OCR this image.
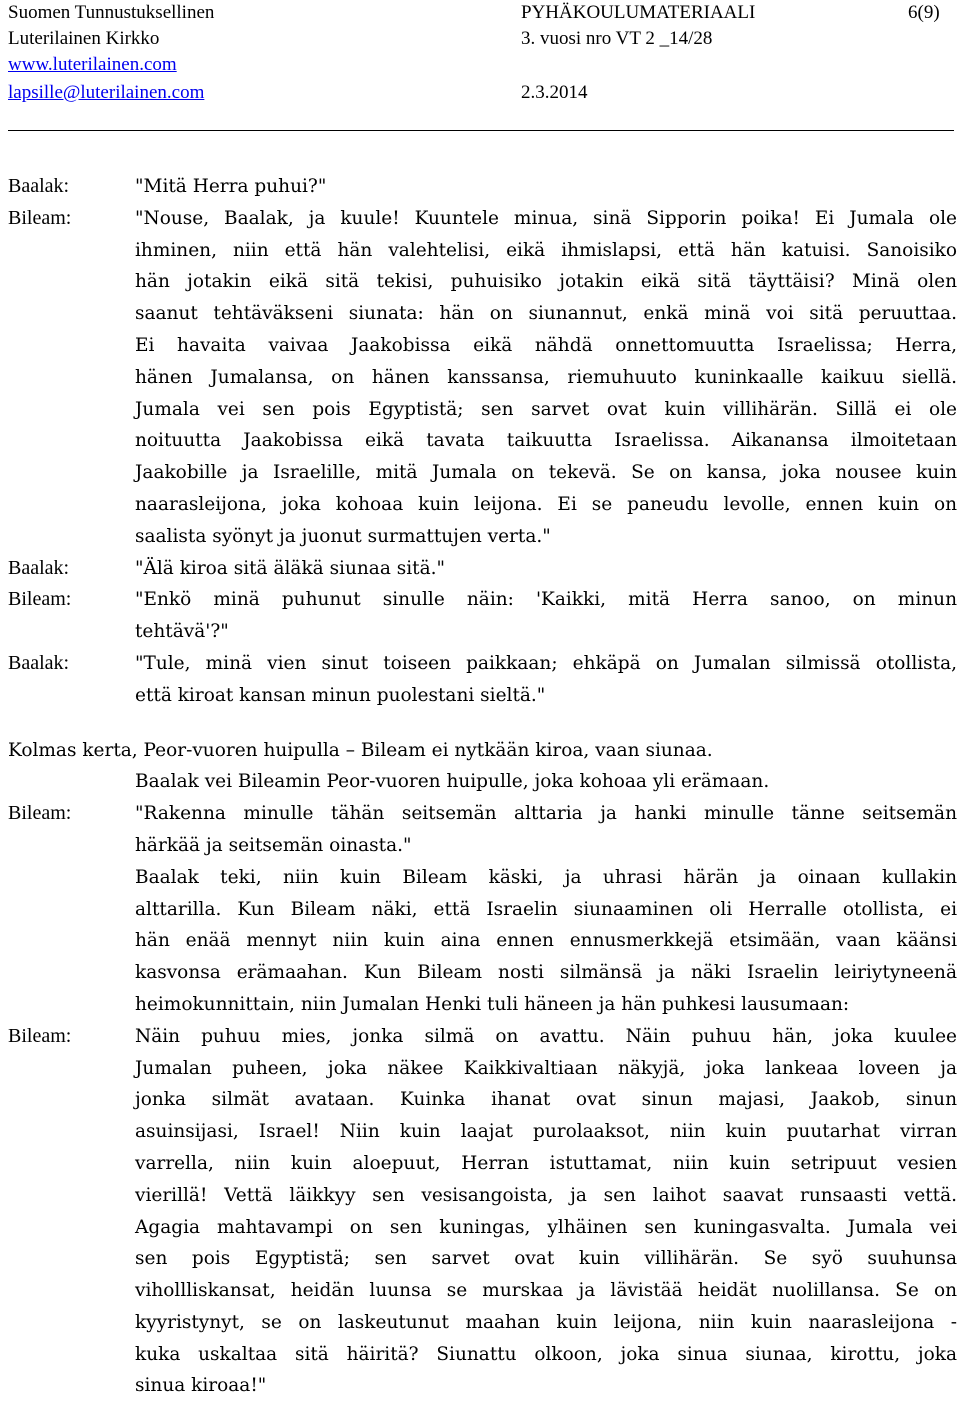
Suomen Tunnustuksellinen	PYHÄKOULUMATERIAALI	6(9)
Luterilainen Kirkko	3. vuosi nro VT 2 _14/28
www.luterilainen.com
lapsille@luterilainen.com	2.3.2014
Baalak:	"Mitä Herra puhui?"
Bileam:	"Nouse, Baalak, ja kuule! Kuuntele minua, sinä Sipporin poika! Ei Jumala ole
ihminen, niin että hän valehtelisi, eikä ihmislapsi, että hän katuisi. Sanoisiko
hän jotakin eikä sitä tekisi, puhuisiko jotakin eikä sitä täyttäisi? Minä olen
saanut tehtäväkseni siunata: hän on siunannut, enkä minä voi sitä peruuttaa.
Ei havaita vaivaa Jaakobissa eikä nähdä onnettomuutta Israelissa; Herra,
hänen Jumalansa, on hänen kanssansa, riemuhuuto kuninkaalle kaikuu siellä.
Jumala vei sen pois Egyptistä; sen sarvet ovat kuin villihärän. Sillä ei ole
noituutta Jaakobissa eikä tavata taikuutta Israelissa. Aikanansa ilmoitetaan
Jaakobille ja Israelille, mitä Jumala on tekevä. Se on kansa, joka nousee kuin
naarasleijona, joka kohoaa kuin leijona. Ei se paneudu levolle, ennen kuin on
saalista syönyt ja juonut surmattujen verta."
Baalak:	"Älä kiroa sitä äläkä siunaa sitä."
Bileam:	"Enkö minä puhunut sinulle näin: 'Kaikki, mitä Herra sanoo, on minun
tehtävä'?"
Baalak:	"Tule, minä vien sinut toiseen paikkaan; ehkäpä on Jumalan silmissä otollista,
että kiroat kansan minun puolestani sieltä."
Kolmas kerta, Peor-vuoren huipulla – Bileam ei nytkään kiroa, vaan siunaa.
Baalak vei Bileamin Peor-vuoren huipulle, joka kohoaa yli erämaan.
Bileam:	"Rakenna minulle tähän seitsemän alttaria ja hanki minulle tänne seitsemän
härkää ja seitsemän oinasta."
Baalak teki, niin kuin Bileam käski, ja uhrasi härän ja oinaan kullakin
alttarilla. Kun Bileam näki, että Israelin siunaaminen oli Herralle otollista, ei
hän enää mennyt niin kuin aina ennen ennusmerkkejä etsimään, vaan käänsi
kasvonsa erämaahan. Kun Bileam nosti silmänsä ja näki Israelin leiriytyneenä
heimokunnittain, niin Jumalan Henki tuli häneen ja hän puhkesi lausumaan:
Bileam:	Näin puhuu mies, jonka silmä on avattu. Näin puhuu hän, joka kuulee
Jumalan puheen, joka näkee Kaikkivaltiaan näkyjä, joka lankeaa loveen ja
jonka silmät avataan. Kuinka ihanat ovat sinun majasi, Jaakob, sinun
asuinsijasi, Israel! Niin kuin laajat purolaaksot, niin kuin puutarhat virran
varrella, niin kuin aloepuut, Herran istuttamat, niin kuin setripuut vesien
vierillä! Vettä läikkyy sen vesisangoista, ja sen laihot saavat runsaasti vettä.
Agagia mahtavampi on sen kuningas, ylhäinen sen kuningasvalta. Jumala vei
sen pois Egyptistä; sen sarvet ovat kuin villihärän. Se syö suuhunsa
vihollliskansat, heidän luunsa se murskaa ja lävistää heidät nuolillansa. Se on
kyyristynyt, se on laskeutunut maahan kuin leijona, niin kuin naarasleijona -
kuka uskaltaa sitä häiritä? Siunattu olkoon, joka sinua siunaa, kirottu, joka
sinua kiroaa!"
